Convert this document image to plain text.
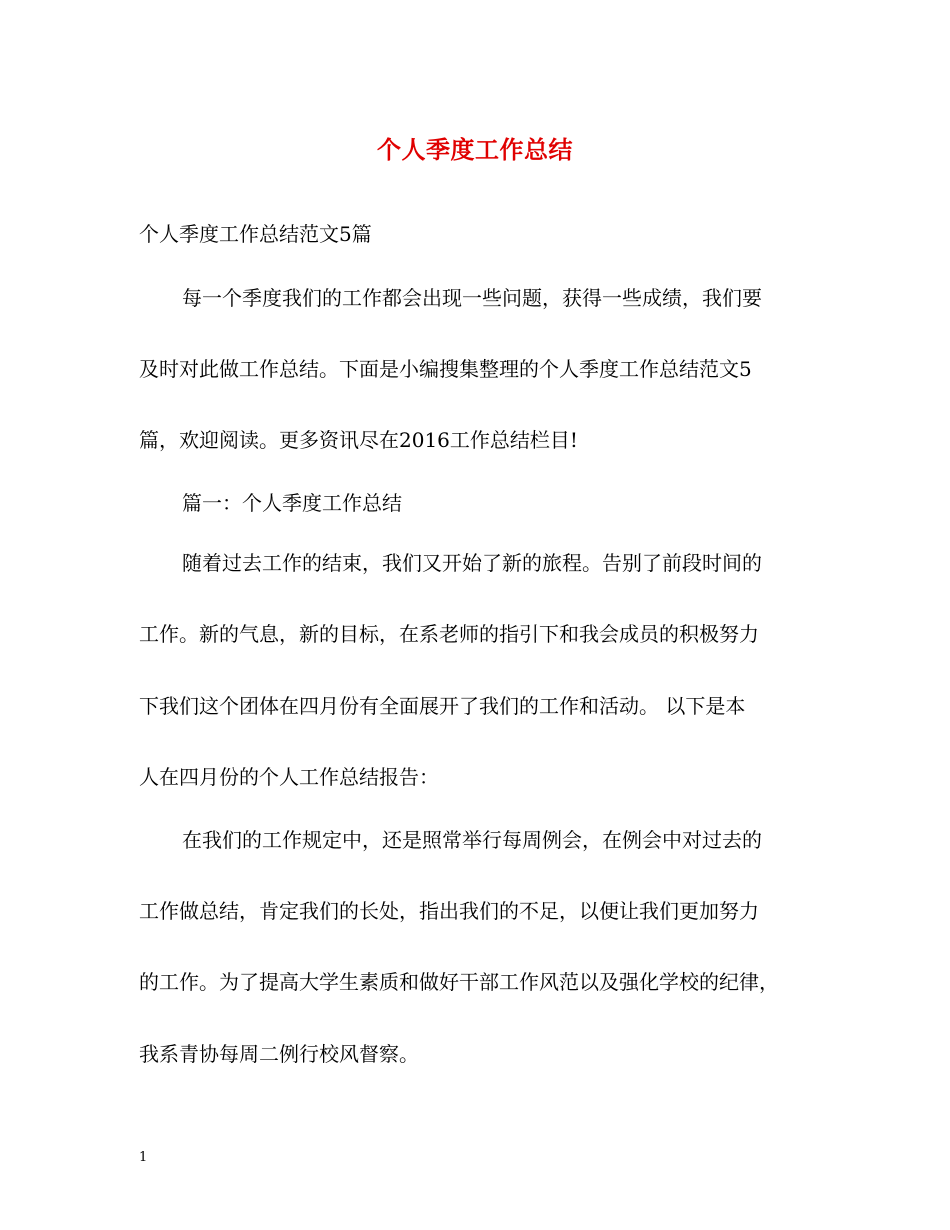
个人季度工作总结
个人季度工作总结范文5篇
每一个季度我们的工作都会出现一些问题，获得一些成绩，我们要
及时对此做工作总结。下面是小编搜集整理的个人季度工作总结范文5
篇，欢迎阅读。更多资讯尽在2016工作总结栏目!
篇一：个人季度工作总结
随着过去工作的结束，我们又开始了新的旅程。告别了前段时间的
工作。新的气息，新的目标，在系老师的指引下和我会成员的积极努力
下我们这个团体在四月份有全面展开了我们的工作和活动。 以下是本
人在四月份的个人工作总结报告：
在我们的工作规定中，还是照常举行每周例会，在例会中对过去的
工作做总结，肯定我们的长处，指出我们的不足，以便让我们更加努力
的工作。为了提高大学生素质和做好干部工作风范以及强化学校的纪律，
我系青协每周二例行校风督察。
1
